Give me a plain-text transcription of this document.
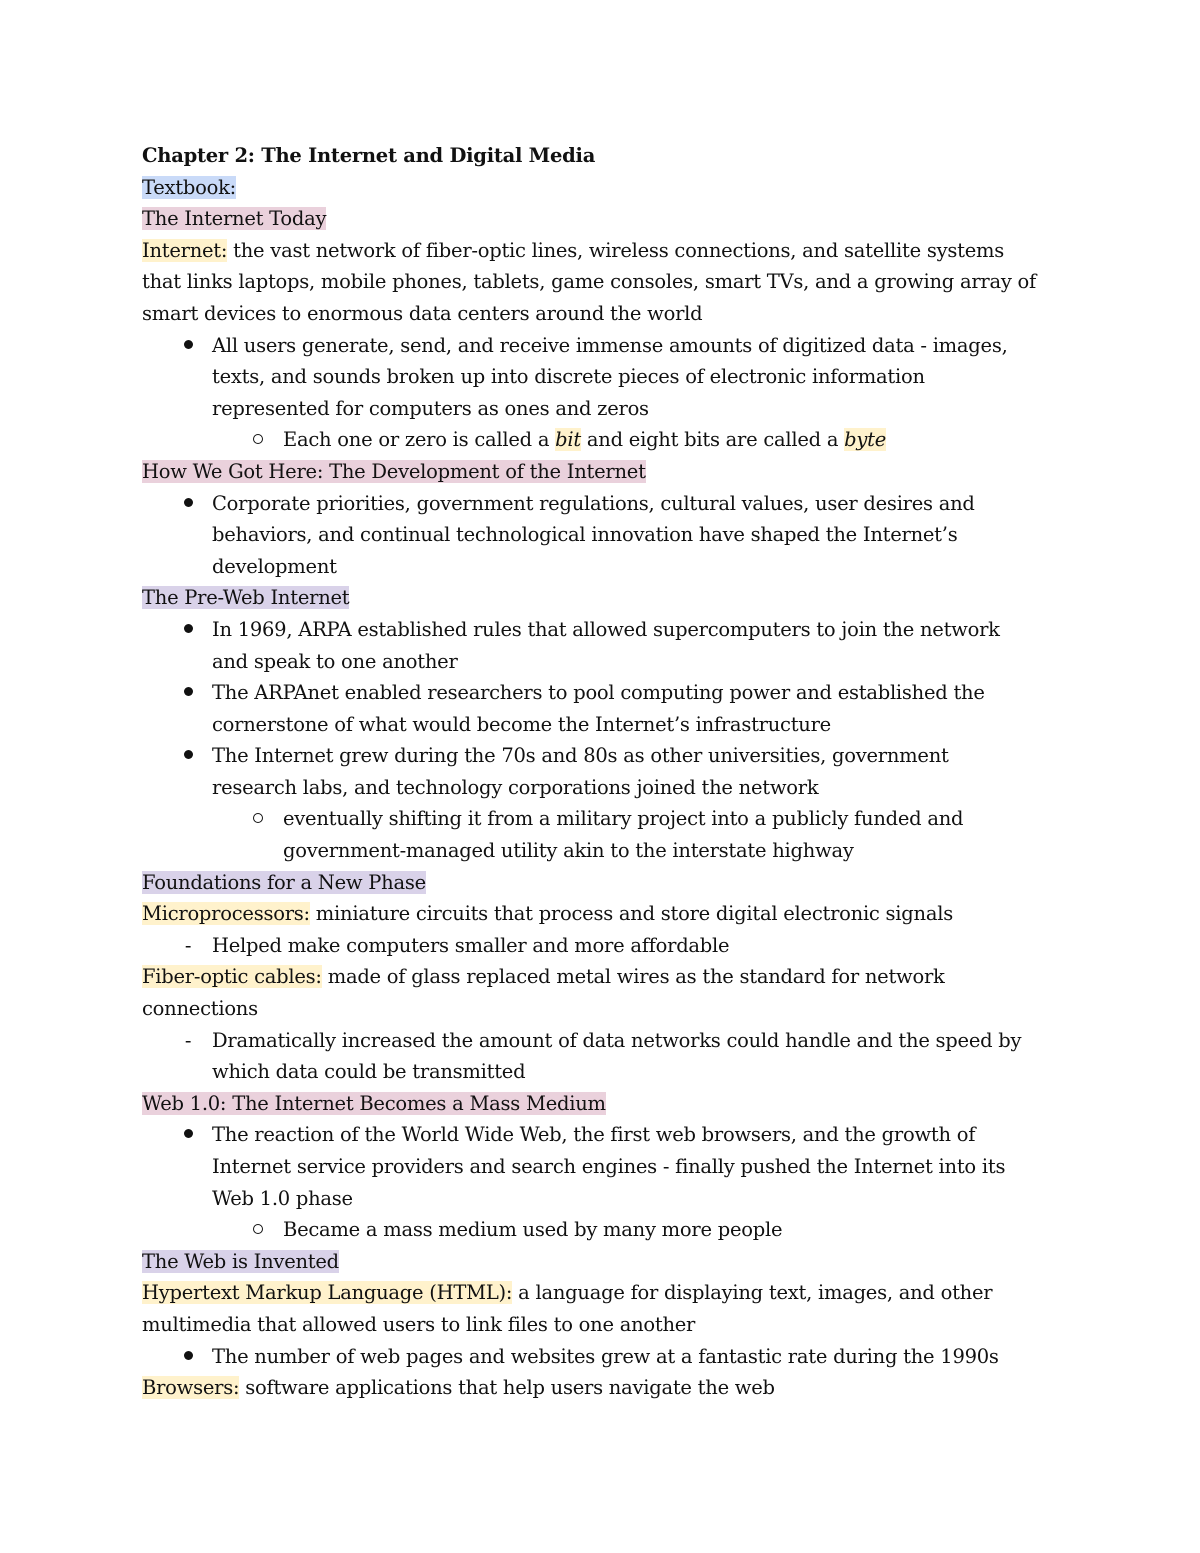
Chapter 2: The Internet and Digital Media
Textbook:
The Internet Today
Internet: the vast network of fiber-optic lines, wireless connections, and satellite systems
that links laptops, mobile phones, tablets, game consoles, smart TVs, and a growing array of
smart devices to enormous data centers around the world
All users generate, send, and receive immense amounts of digitized data - images,
texts, and sounds broken up into discrete pieces of electronic information
represented for computers as ones and zeros
Each one or zero is called a bit and eight bits are called a byte
How We Got Here: The Development of the Internet
Corporate priorities, government regulations, cultural values, user desires and
behaviors, and continual technological innovation have shaped the Internet’s
development
The Pre-Web Internet
In 1969, ARPA established rules that allowed supercomputers to join the network
and speak to one another
The ARPAnet enabled researchers to pool computing power and established the
cornerstone of what would become the Internet’s infrastructure
The Internet grew during the 70s and 80s as other universities, government
research labs, and technology corporations joined the network
eventually shifting it from a military project into a publicly funded and
government-managed utility akin to the interstate highway
Foundations for a New Phase
Microprocessors: miniature circuits that process and store digital electronic signals
-	Helped make computers smaller and more affordable
Fiber-optic cables: made of glass replaced metal wires as the standard for network
connections
-	Dramatically increased the amount of data networks could handle and the speed by
which data could be transmitted
Web 1.0: The Internet Becomes a Mass Medium
The reaction of the World Wide Web, the first web browsers, and the growth of
Internet service providers and search engines - finally pushed the Internet into its
Web 1.0 phase
Became a mass medium used by many more people
The Web is Invented
Hypertext Markup Language (HTML): a language for displaying text, images, and other
multimedia that allowed users to link files to one another
The number of web pages and websites grew at a fantastic rate during the 1990s
Browsers: software applications that help users navigate the web
